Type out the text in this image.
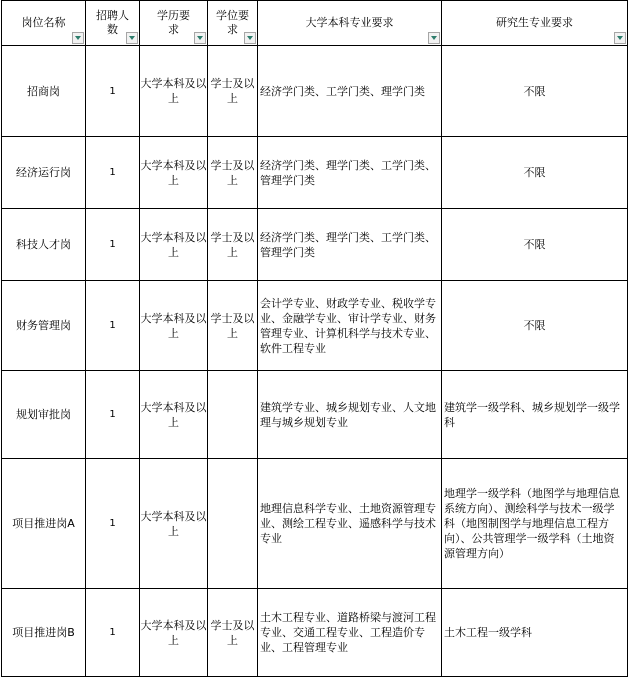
岗位名称	招聘人数	学历要求	学位要求	大学本科专业要求	研究生专业要求

招商岗	1	大学本科及以上	学士及以上	经济学门类、工学门类、理学门类	不限
经济运行岗	1	大学本科及以上	学士及以上	经济学门类、理学门类、工学门类、管理学门类	不限
科技人才岗	1	大学本科及以上	学士及以上	经济学门类、理学门类、工学门类、管理学门类	不限
财务管理岗	1	大学本科及以上	学士及以上	会计学专业、财政学专业、税收学专业、金融学专业、审计学专业、财务管理专业、计算机科学与技术专业、软件工程专业	不限
规划审批岗	1	大学本科及以上		建筑学专业、城乡规划专业、人文地理与城乡规划专业	建筑学一级学科、城乡规划学一级学科
项目推进岗A	1	大学本科及以上		地理信息科学专业、土地资源管理专业、测绘工程专业、遥感科学与技术专业	地理学一级学科（地图学与地理信息系统方向）、测绘科学与技术一级学科（地图制图学与地理信息工程方向）、公共管理学一级学科（土地资源管理方向）
项目推进岗B	1	大学本科及以上	学士及以上	土木工程专业、道路桥梁与渡河工程专业、交通工程专业、工程造价专业、工程管理专业	土木工程一级学科
